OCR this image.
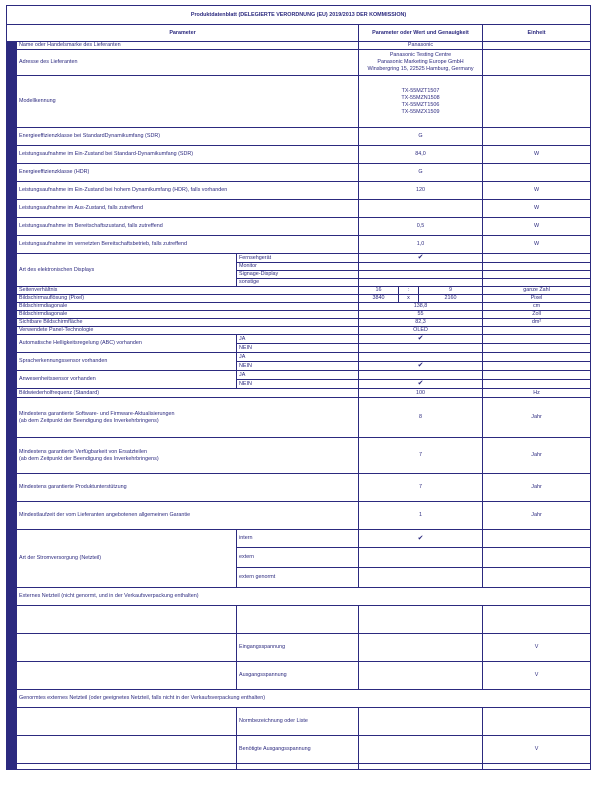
Produktdatenblatt (DELEGIERTE VERORDNUNG (EU) 2019/2013 DER KOMMISSION)						
Parameter			Parameter oder Wert und Genauigkeit			Einheit
1	Name oder Handelsmarke des Lieferanten		Panasonic			
	Adresse des Lieferanten		Panasonic Testing Centre
Panasonic Marketing Europe GmbH
Winsbergring 15, 22525 Hamburg, Germany			

2	Modellkennung		TX-55MZT1507
TX-55MZN1508
TX-55MZT1506
TX-55MZX1509			

3	Energieeffizienzklasse bei StandardDynamikumfang (SDR)		G			
4	Leistungsaufnahme im Ein-Zustand bei Standard-Dynamikumfang (SDR)		84,0			W
5	Energieeffizienzklasse (HDR)		G			
6	Leistungsaufnahme im Ein-Zustand bei hohem Dynamikumfang (HDR), falls vorhanden		120			W
7	Leistungsaufnahme im Aus-Zustand, falls zutreffend					W
8	Leistungsaufnahme im Bereitschaftszustand, falls zutreffend		0,5			W
9	Leistungsaufnahme im vernetzten Bereitschaftsbetrieb, falls zutreffend		1,0			W
10	Art des elektronischen Displays	Fernsehgerät	✔			
		Monitor				
		Signage-Display				
		sonstige				
11	Seitenverhältnis		16	:	9	ganze Zahl
12	Bildschirmauflösung (Pixel)		3840	x	2160	Pixel
13	Bildschirmdiagonale		138,8			cm
14	Bildschirmdiagonale		55			Zoll
15	Sichtbare Bildschirmfläche		82,3			dm²
16	Verwendete Panel-Technologie		OLED			
17	Automatische Helligkeitsregelung (ABC) vorhanden	JA	✔			
		NEIN				
18	Spracherkennungssensor vorhanden	JA				
		NEIN	✔			
19	Anwesenheitssensor vorhanden	JA				
		NEIN	✔			
20	Bildwiederholfrequenz (Standard)		100			Hz
21	Mindestens garantierte Software- und Firmware-Aktualisierungen
(ab dem Zeitpunkt der Beendigung des Inverkehrbringens)		8			Jahr
22	Mindestens garantierte Verfügbarkeit von Ersatzteilen
(ab dem Zeitpunkt der Beendigung des Inverkehrbringens)		7			Jahr
23	Mindestens garantierte Produktunterstützung		7			Jahr
	Mindestlaufzeit der vom Lieferanten angebotenen allgemeinen Garantie		1			Jahr
24	Art der Stromversorgung (Netzteil)	intern	✔			
		extern				
		extern genormt				
25	Externes Netzteil (nicht genormt, und in der Verkaufsverpackung enthalten)					
i						
ii		Eingangsspannung				V
iii		Ausgangsspannung				V
26	Genormtes externes Netzteil (oder geeignetes Netzteil, falls nicht in der Verkaufsverpackung enthalten)					
i		Normbezeichnung oder Liste				
ii		Benötigte Ausgangsspannung				V
